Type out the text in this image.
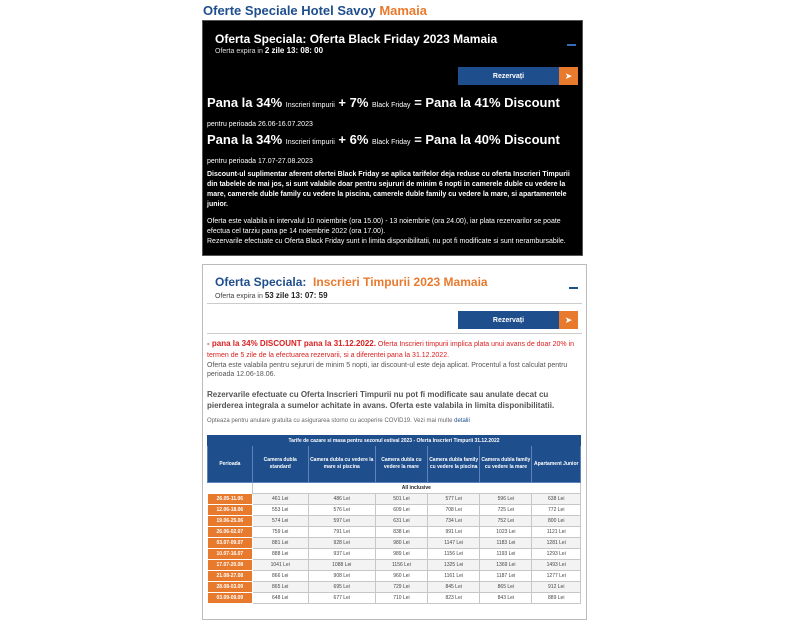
Oferte Speciale Hotel Savoy Mamaia
Oferta Speciala: Oferta Black Friday 2023 Mamaia
Oferta expira in 2 zile 13: 08: 00
Rezervați	➤
Pana la 34% Inscrieri timpurii + 7% Black Friday = Pana la 41% Discount
pentru perioada 26.06-16.07.2023
Pana la 34% Inscrieri timpurii + 6% Black Friday = Pana la 40% Discount
pentru perioada 17.07-27.08.2023
Discount-ul suplimentar aferent ofertei Black Friday se aplica tarifelor deja reduse cu oferta Inscrieri Timpurii din tabelele de mai jos, si sunt valabile doar pentru sejururi de minim 6 nopti in camerele duble cu vedere la mare, camerele duble family cu vedere la piscina, camerele duble family cu vedere la mare, si apartamentele junior.
Oferta este valabila in intervalul 10 noiembrie (ora 15.00) - 13 noiembrie (ora 24.00), iar plata rezervarilor se poate efectua cel tarziu pana pe 14 noiembrie 2022 (ora 17.00).
Rezervarile efectuate cu Oferta Black Friday sunt in limita disponibilitatii, nu pot fi modificate si sunt nerambursabile.
Oferta Speciala: Inscrieri Timpurii 2023 Mamaia
Oferta expira in 53 zile 13: 07: 59
Rezervați	➤
- pana la 34% DISCOUNT pana la 31.12.2022. Oferta Inscrieri timpurii implica plata unui avans de doar 20% in termen de 5 zile de la efectuarea rezervarii, si a diferentei pana la 31.12.2022.
Oferta este valabila pentru sejururi de minim 5 nopti, iar discount-ul este deja aplicat. Procentul a fost calculat pentru perioada 12.06-18.06.
Rezervarile efectuate cu Oferta Inscrieri Timpurii nu pot fi modificate sau anulate decat cu pierderea integrala a sumelor achitate in avans. Oferta este valabila in limita disponibilitatii.
Opteaza pentru anulare gratuita cu asigurarea storno cu acoperire COVID19. Vezi mai multe detalii
Tarife de cazare si masa pentru sezonul estival 2023 - Oferta Inscrieri Timpurii 31.12.2022						
Perioada	Camera dubla standard	Camera dubla cu vedere la mare si piscina	Camera dubla cu vedere la mare	Camera dubla family cu vedere la piscina	Camera dubla family cu vedere la mare	Apartament Junior
	All inclusive					
26.05-11.06	461 Lei	486 Lei	501 Lei	577 Lei	596 Lei	638 Lei
12.06-18.06	553 Lei	576 Lei	609 Lei	708 Lei	725 Lei	772 Lei
19.06-25.06	574 Lei	597 Lei	631 Lei	734 Lei	752 Lei	800 Lei
26.06-02.07	759 Lei	791 Lei	838 Lei	991 Lei	1023 Lei	1121 Lei
03.07-09.07	881 Lei	928 Lei	980 Lei	1147 Lei	1183 Lei	1281 Lei
10.07-16.07	888 Lei	937 Lei	989 Lei	1156 Lei	1193 Lei	1293 Lei
17.07-20.08	1041 Lei	1088 Lei	1156 Lei	1325 Lei	1369 Lei	1493 Lei
21.08-27.08	866 Lei	908 Lei	960 Lei	1161 Lei	1187 Lei	1277 Lei
28.08-03.09	865 Lei	695 Lei	729 Lei	845 Lei	865 Lei	912 Lei
03.09-09.09	648 Lei	677 Lei	710 Lei	823 Lei	843 Lei	889 Lei
